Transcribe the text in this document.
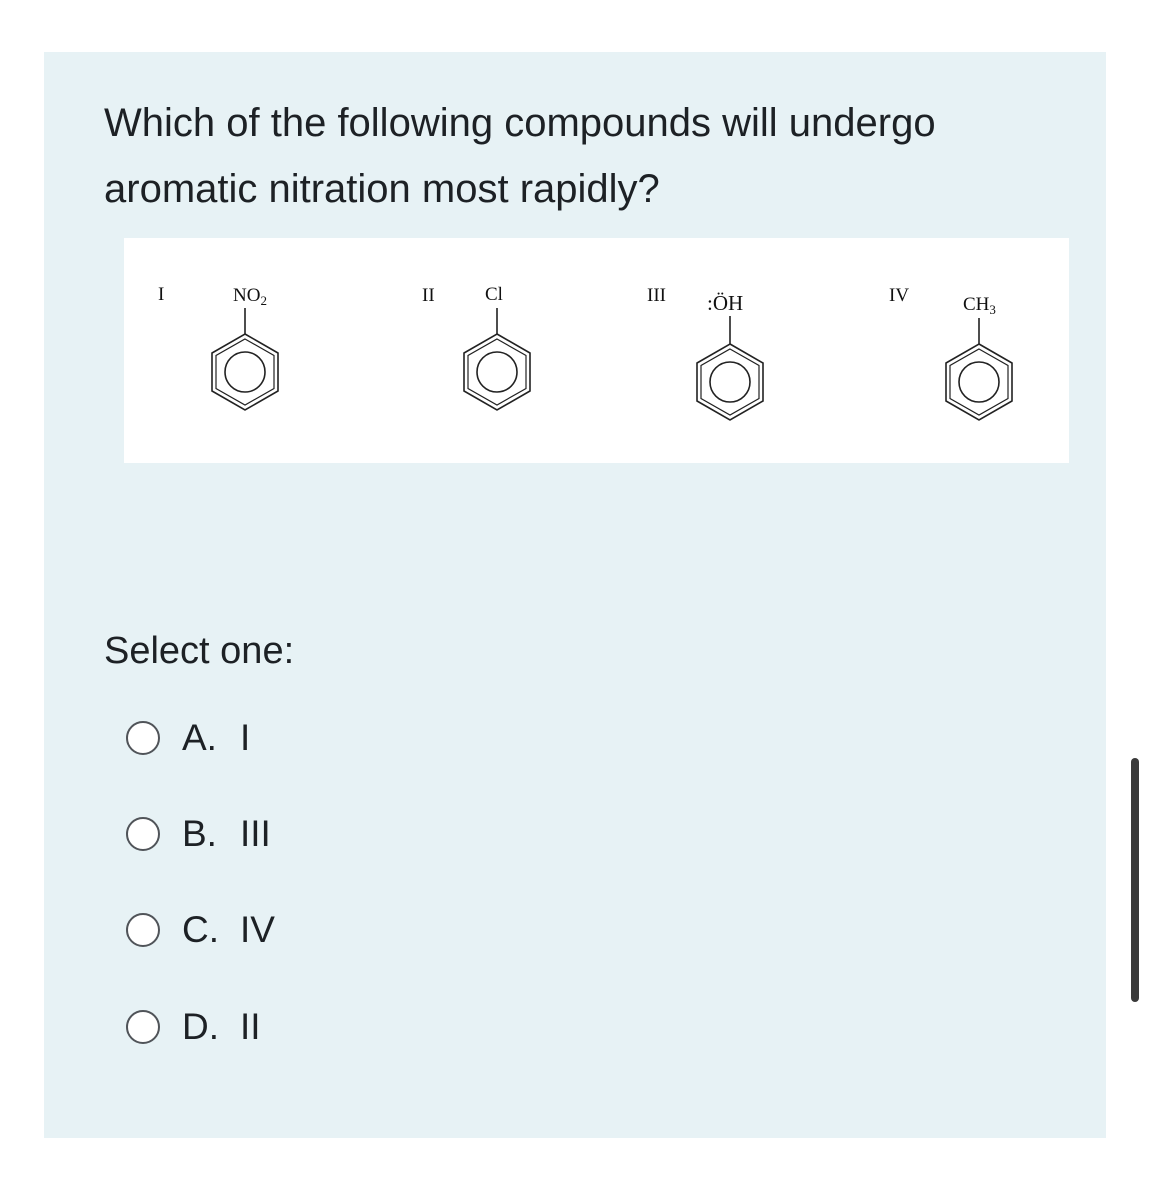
Which of the following compounds will undergo
aromatic nitration most rapidly?
I	$NO_2$	II	Cl	III :ÖH	IV	$CH_3$
Select one:
A. I
B. III
C. IV
D. II
